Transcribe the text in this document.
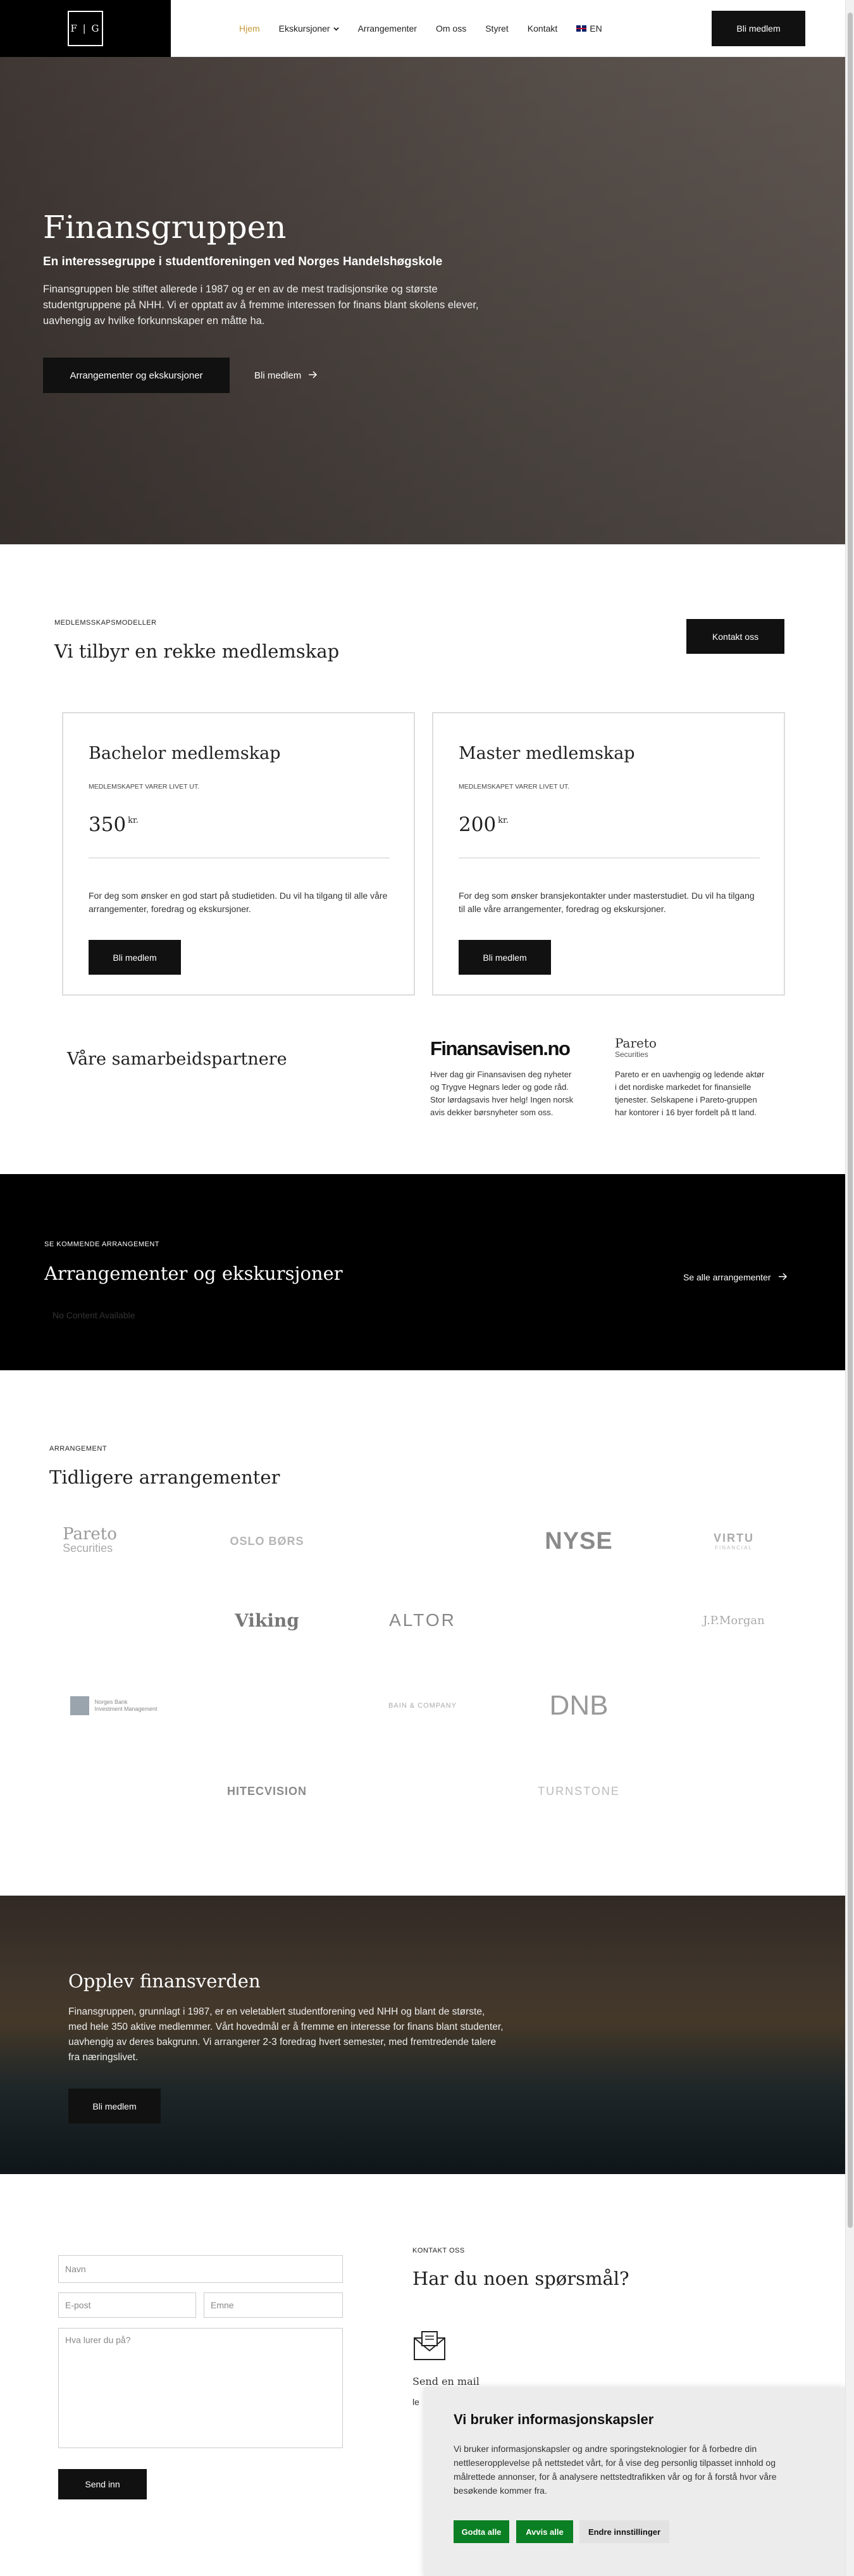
F | G	Hjem Ekskursjoner	Arrangementer Om oss Styret Kontakt	EN	Bli medlem
Finansgruppen
En interessegruppe i studentforeningen ved Norges Handelshøgskole

Finansgruppen ble stiftet allerede i 1987 og er en av de mest tradisjonsrike og største studentgruppene på NHH. Vi er opptatt av å fremme interessen for finans blant skolens elever, uavhengig av hvilke forkunnskaper en måtte ha.

Arrangementer og ekskursjoner	Bli medlem
MEDLEMSSKAPSMODELLER
Vi tilbyr en rekke medlemskap
Kontakt oss
Bachelor medlemskap
MEDLEMSKAPET VARER LIVET UT.
350 $^{kr.}$

For deg som ønsker en god start på studietiden. Du vil ha tilgang til alle våre arrangementer, foredrag og ekskursjoner.

Bli medlem
Master medlemskap
MEDLEMSKAPET VARER LIVET UT.
200 $^{kr.}$

For deg som ønsker bransjekontakter under masterstudiet. Du vil ha tilgang til alle våre arrangementer, foredrag og ekskursjoner.

Bli medlem
Våre samarbeidspartnere	Finansavisen.no

Hver dag gir Finansavisen deg nyheter og Trygve Hegnars leder og gode råd. Stor lørdagsavis hver helg! Ingen norsk avis dekker børsnyheter som oss.

Pareto
Securities

Pareto er en uavhengig og ledende aktør i det nordiske markedet for finansielle tjenester. Selskapene i Pareto-gruppen har kontorer i 16 byer fordelt på tt land.

SE KOMMENDE ARRANGEMENT
Arrangementer og ekskursjoner	Se alle arrangementer
No Content Available
ARRANGEMENT
Tidligere arrangementer
Pareto
Securities
OSLO BØRS	NYSE	VIRTU
FINANCIAL
Viking	ALTOR	J.P.Morgan
Norges Bank
Investment Management	BAIN & COMPANY	DNB
HITECVISION	TURNSTONE
Opplev finansverden

Finansgruppen, grunnlagt i 1987, er en veletablert studentforening ved NHH og blant de største, med hele 350 aktive medlemmer. Vårt hovedmål er å fremme en interesse for finans blant studenter, uavhengig av deres bakgrunn. Vi arrangerer 2-3 foredrag hvert semester, med fremtredende talere fra næringslivet.

Bli medlem
Navn
E-post
Emne
Hva lurer du på?
Send inn
KONTAKT OSS
Har du noen spørsmål?
Send en mail
le
Vi bruker informasjonskapsler

Vi bruker informasjonskapsler og andre sporingsteknologier for å forbedre din nettleseropplevelse på nettstedet vårt, for å vise deg personlig tilpasset innhold og målrettede annonser, for å analysere nettstedtrafikken vår og for å forstå hvor våre besøkende kommer fra.

Godta alle	Avvis alle	Endre innstillinger
